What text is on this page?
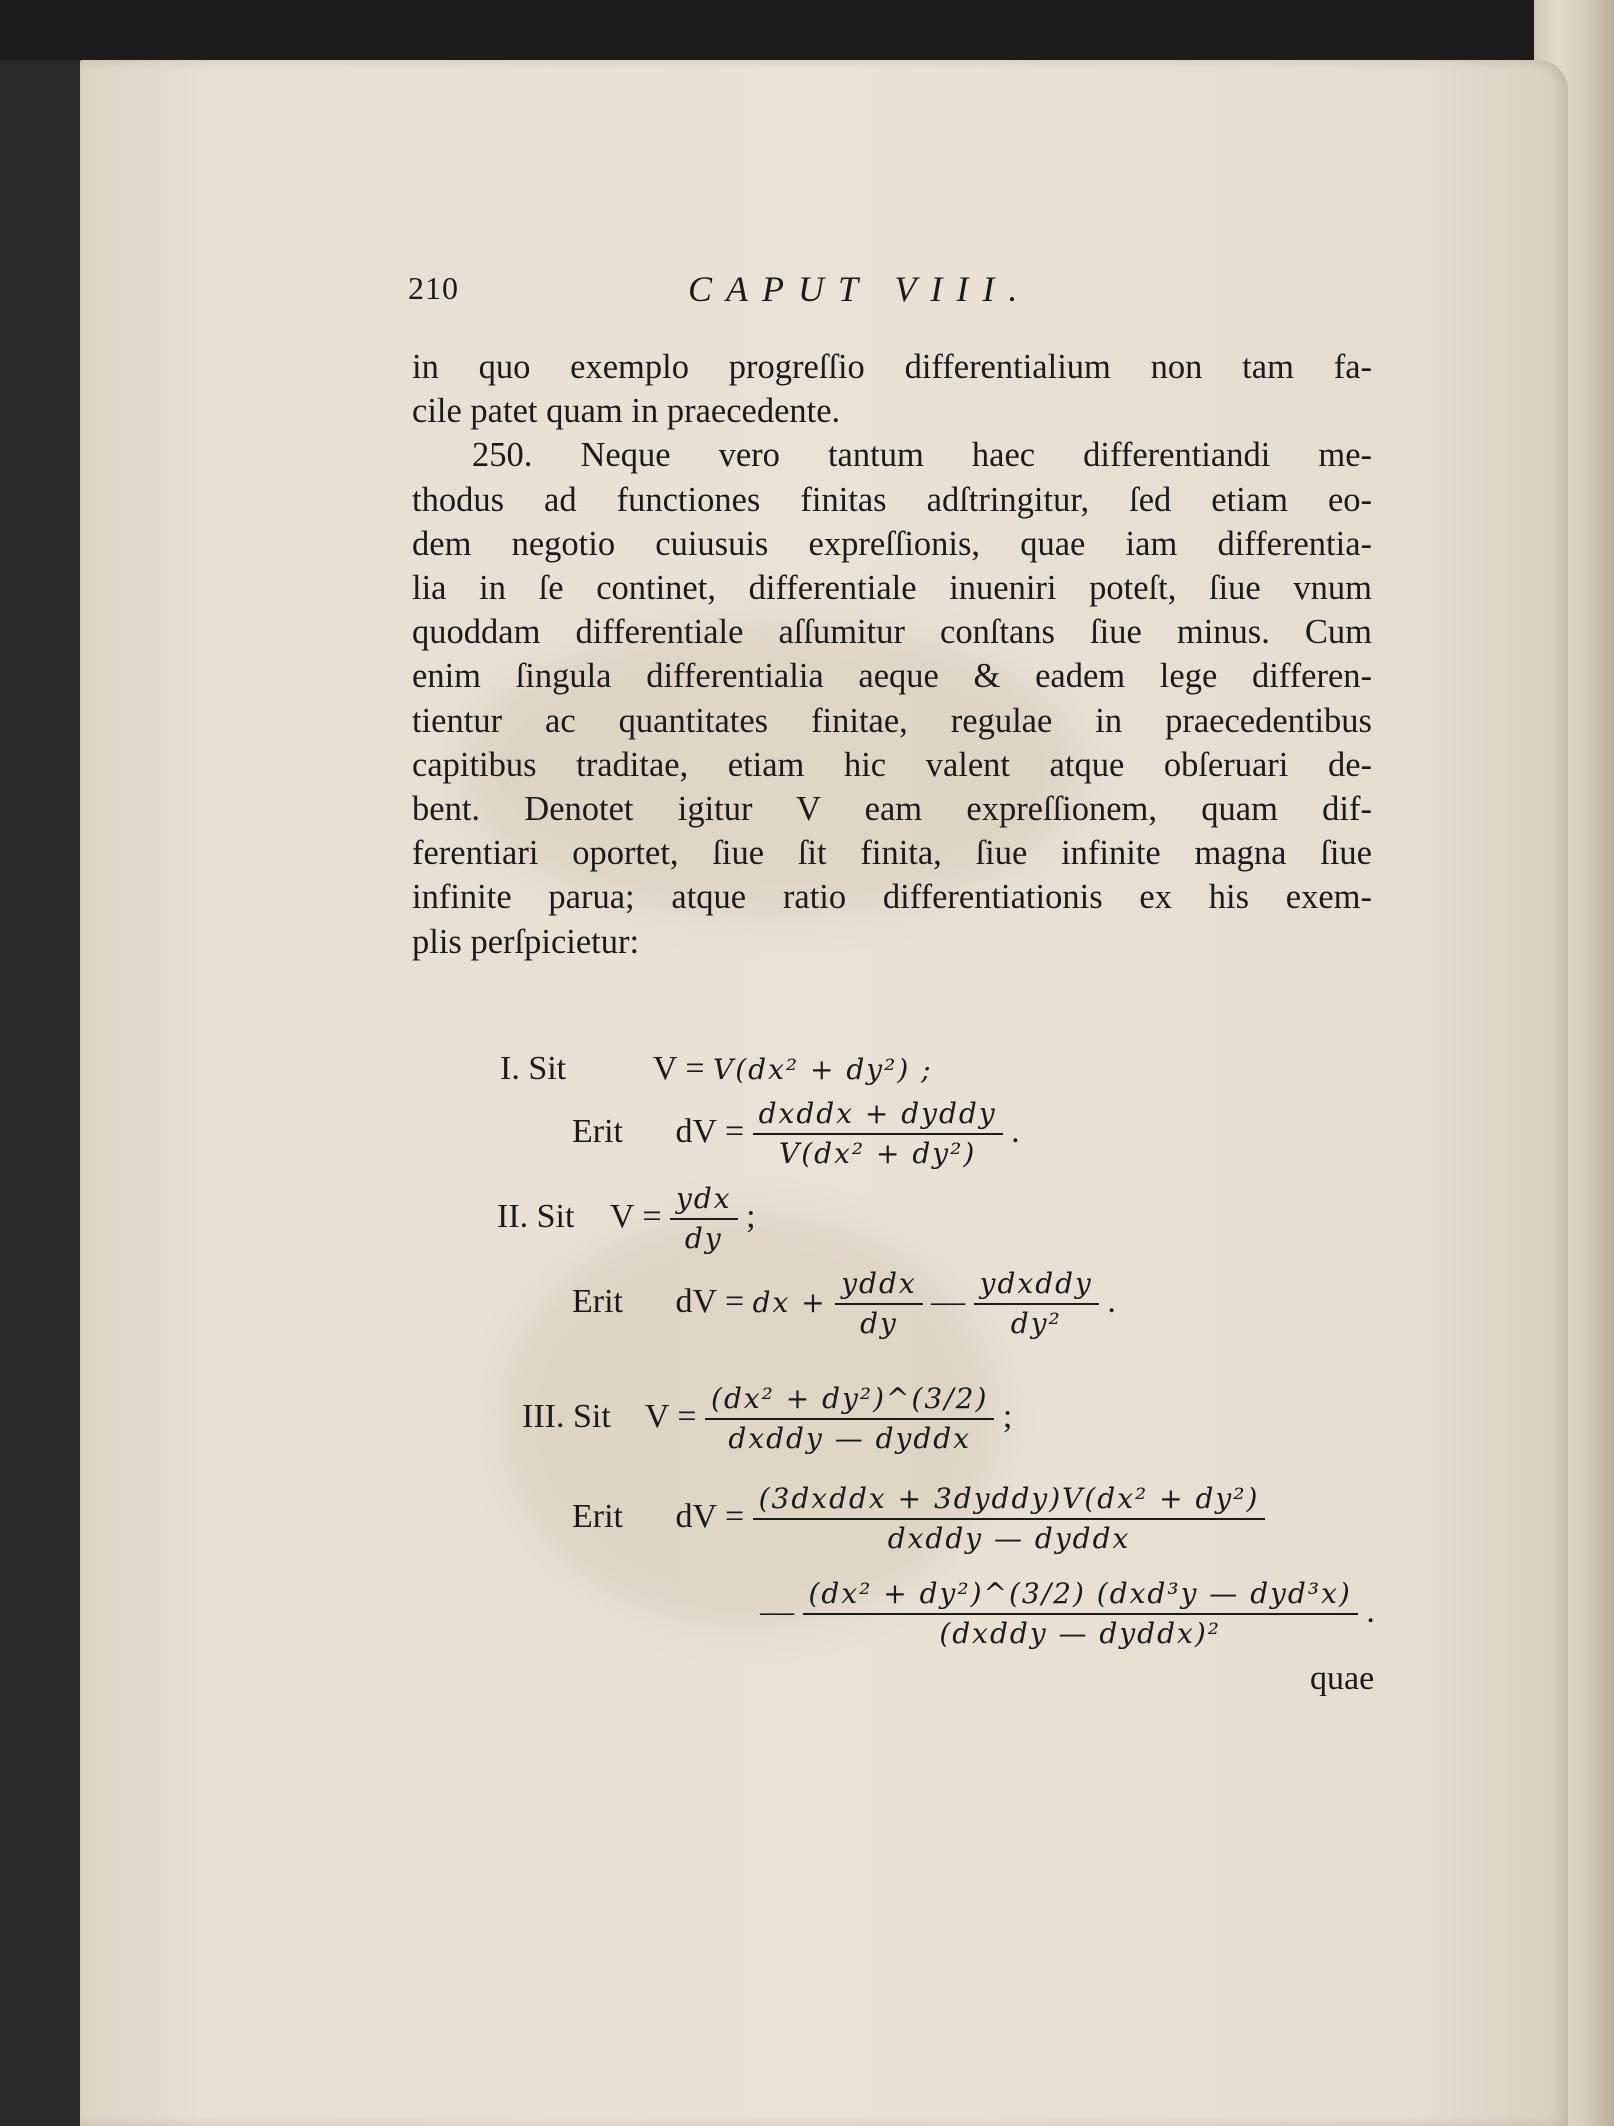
210	CAPUT VIII.
in quo exemplo progreſſio differentialium non tam fa-
cile patet quam in praecedente.
250. Neque vero tantum haec differentiandi me-
thodus ad functiones finitas adſtringitur, ſed etiam eo-
dem negotio cuiusuis expreſſionis, quae iam differentia-
lia in ſe continet, differentiale inueniri poteſt, ſiue vnum
quoddam differentiale aſſumitur conſtans ſiue minus. Cum
enim ſingula differentialia aeque & eadem lege differen-
tientur ac quantitates finitae, regulae in praecedentibus
capitibus traditae, etiam hic valent atque obſeruari de-
bent. Denotet igitur V eam expreſſionem, quam dif-
ferentiari oportet, ſiue ſit finita, ſiue infinite magna ſiue
infinite parua; atque ratio differentiationis ex his exem-
plis perſpicietur:
I. Sit	V = V(dx² + dy²) ;
Erit dV = $\frac{\text{dxddx + dyddy}}{\text{V(dx² + dy²)}}$ .
II. Sit $V = \frac{\text{ydx}}{dy}$ ;
Erit dV = dx + $\frac{\text{yddx}}{dy}$ — $\frac{\text{ydxddy}}{\text{dy²}}$ .
III. Sit $V = \frac{\text{(dx² + dy²)\textasciicircum{}(3/2)}}{\text{dxddy — dyddx}}$ ;
Erit dV = $\frac{\text{(3dxddx + 3dyddy)V(dx² + dy²)}}{\text{dxddy — dyddx}}$
— $\frac{\text{(dx² + dy²)\textasciicircum{}(3/2) (dxd³y — dyd³x)}}{\text{(dxddy — dyddx)²}}$ .
quae
